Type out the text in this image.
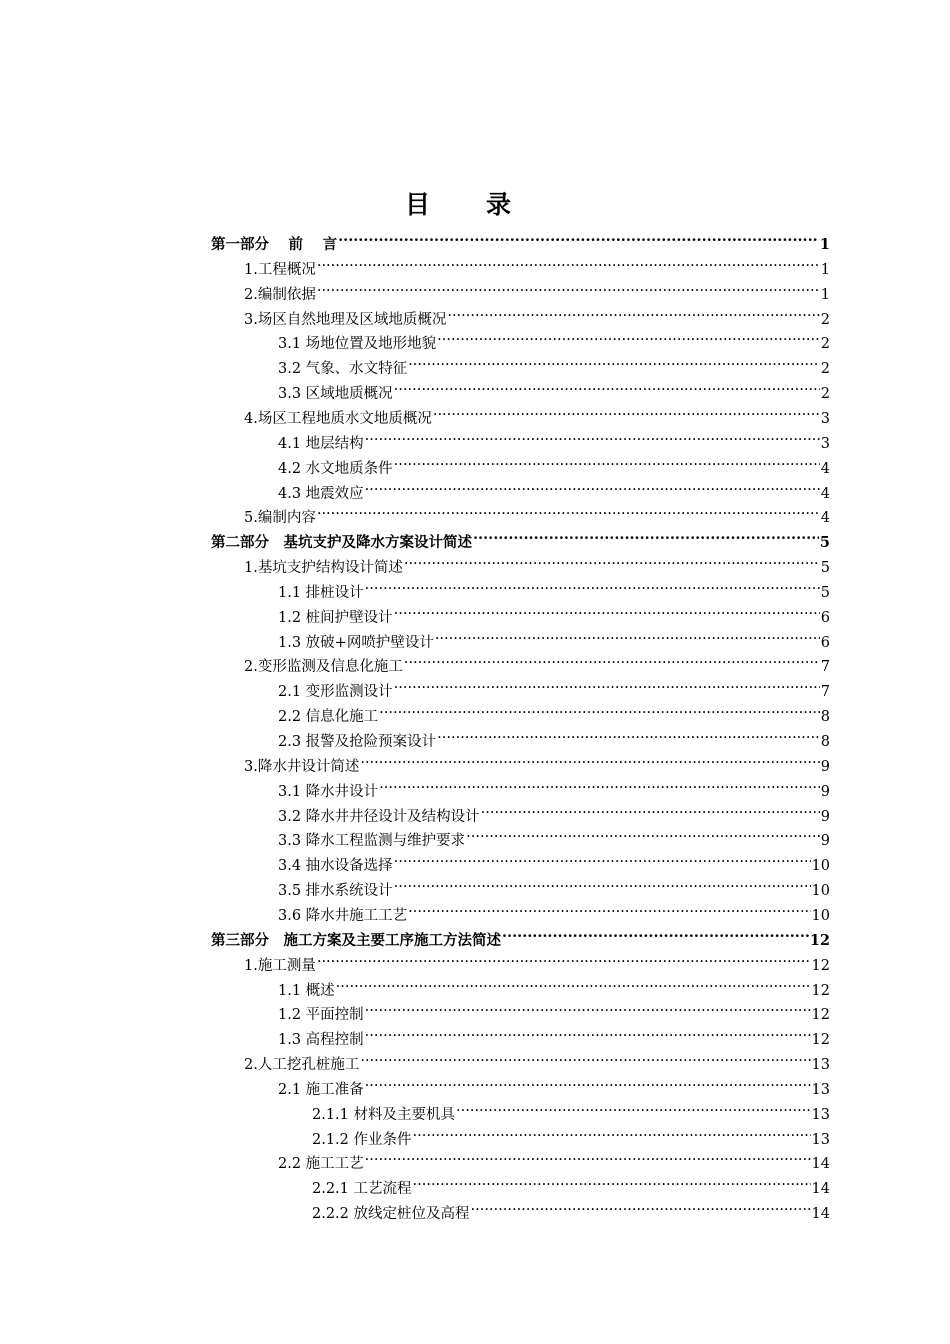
目　　录
第一部分　 前　 言 .....	1
1.工程概况 .....	1
2.编制依据 .....	1
3.场区自然地理及区域地质概况 .....	2
3.1 场地位置及地形地貌 .....	2
3.2 气象、水文特征 .....	2
3.3 区域地质概况 .....	2
4.场区工程地质水文地质概况 .....	3
4.1 地层结构 .....	3
4.2 水文地质条件 .....	4
4.3 地震效应 .....	4
5.编制内容 .....	4
第二部分　基坑支护及降水方案设计简述 .....	5
1.基坑支护结构设计简述 .....	5
1.1 排桩设计 .....	5
1.2 桩间护壁设计 .....	6
1.3 放破+网喷护壁设计 .....	6
2.变形监测及信息化施工 .....	7
2.1 变形监测设计 .....	7
2.2 信息化施工 .....	8
2.3 报警及抢险预案设计 .....	8
3.降水井设计简述 .....	9
3.1 降水井设计 .....	9
3.2 降水井井径设计及结构设计 .....	9
3.3 降水工程监测与维护要求 .....	9
3.4 抽水设备选择 .....	10
3.5 排水系统设计 .....	10
3.6 降水井施工工艺 .....	10
第三部分　施工方案及主要工序施工方法简述 .....	12
1.施工测量 .....	12
1.1 概述 .....	12
1.2 平面控制 .....	12
1.3 高程控制 .....	12
2.人工挖孔桩施工 .....	13
2.1 施工准备 .....	13
2.1.1 材料及主要机具 .....	13
2.1.2 作业条件 .....	13
2.2 施工工艺 .....	14
2.2.1 工艺流程 .....	14
2.2.2 放线定桩位及高程 .....	14
